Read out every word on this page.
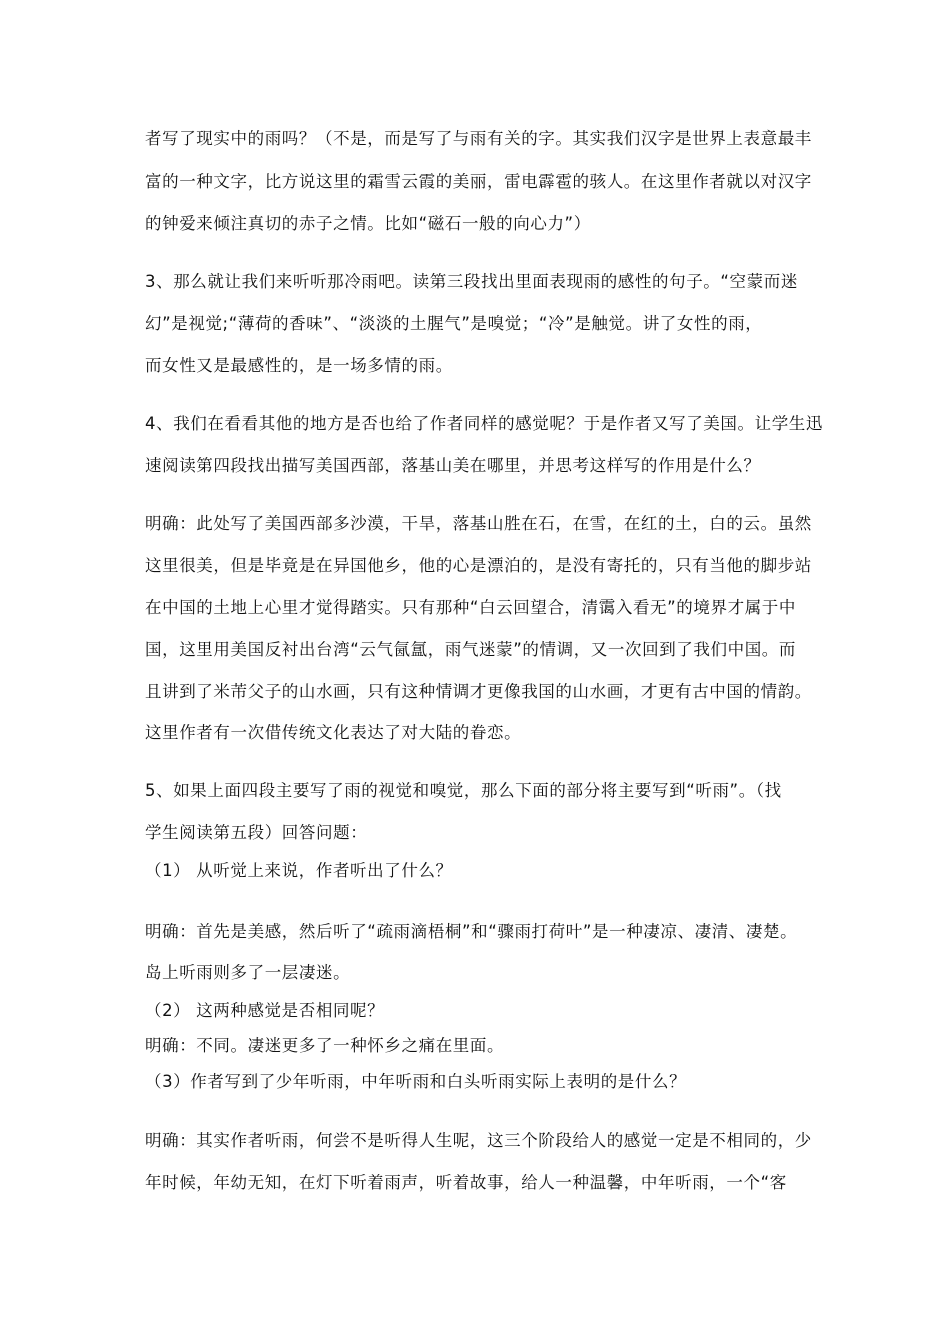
者写了现实中的雨吗？（不是，而是写了与雨有关的字。其实我们汉字是世界上表意最丰
富的一种文字，比方说这里的霜雪云霞的美丽，雷电霹雹的骇人。在这里作者就以对汉字
的钟爱来倾注真切的赤子之情。比如“磁石一般的向心力”）
3、那么就让我们来听听那冷雨吧。读第三段找出里面表现雨的感性的句子。“空蒙而迷
幻”是视觉;“薄荷的香味”、“淡淡的土腥气”是嗅觉；“冷”是触觉。讲了女性的雨，
而女性又是最感性的，是一场多情的雨。
4、我们在看看其他的地方是否也给了作者同样的感觉呢？于是作者又写了美国。让学生迅
速阅读第四段找出描写美国西部，落基山美在哪里，并思考这样写的作用是什么？
明确：此处写了美国西部多沙漠，干旱，落基山胜在石，在雪，在红的土，白的云。虽然
这里很美，但是毕竟是在异国他乡，他的心是漂泊的，是没有寄托的，只有当他的脚步站
在中国的土地上心里才觉得踏实。只有那种“白云回望合，清霭入看无”的境界才属于中
国，这里用美国反衬出台湾“云气氤氲，雨气迷蒙”的情调，又一次回到了我们中国。而
且讲到了米芾父子的山水画，只有这种情调才更像我国的山水画，才更有古中国的情韵。
这里作者有一次借传统文化表达了对大陆的眷恋。
5、如果上面四段主要写了雨的视觉和嗅觉，那么下面的部分将主要写到“听雨”。（找
学生阅读第五段）回答问题：
（1） 从听觉上来说，作者听出了什么？
明确：首先是美感，然后听了“疏雨滴梧桐”和“骤雨打荷叶”是一种凄凉、凄清、凄楚。
岛上听雨则多了一层凄迷。
（2） 这两种感觉是否相同呢？
明确：不同。凄迷更多了一种怀乡之痛在里面。
（3）作者写到了少年听雨，中年听雨和白头听雨实际上表明的是什么？
明确：其实作者听雨，何尝不是听得人生呢，这三个阶段给人的感觉一定是不相同的，少
年时候，年幼无知，在灯下听着雨声，听着故事，给人一种温馨，中年听雨，一个“客
